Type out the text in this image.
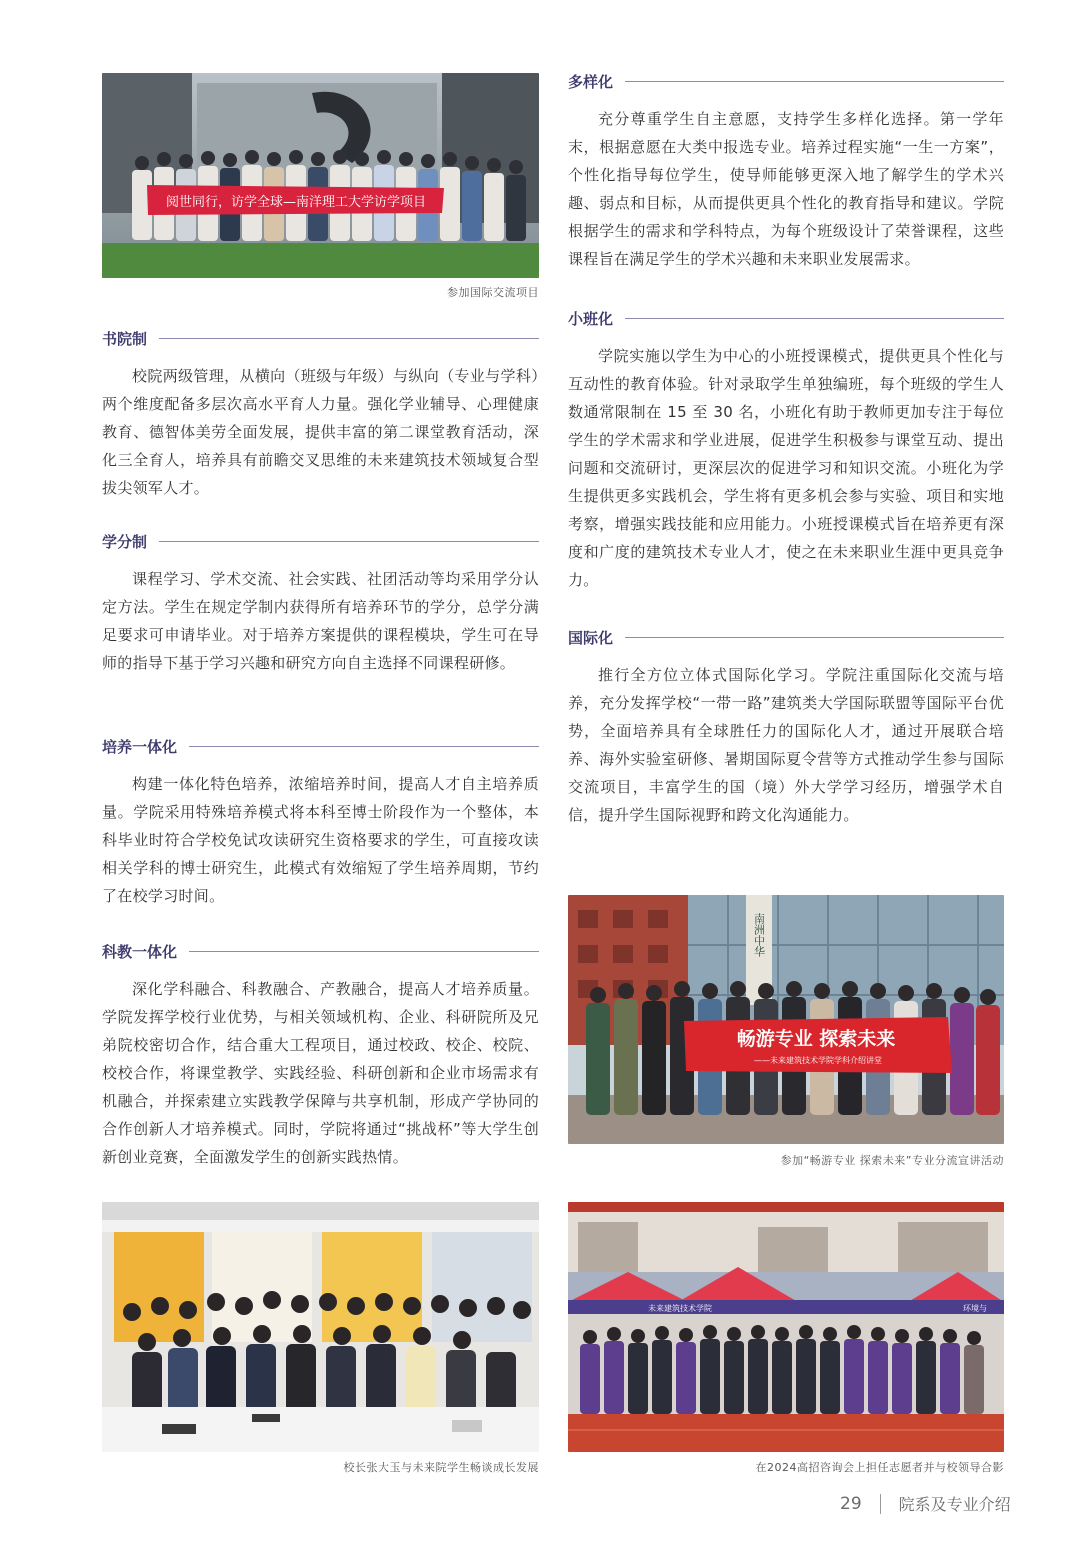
阅世同行，访学全球—南洋理工大学访学项目
参加国际交流项目
书院制
校院两级管理，从横向（班级与年级）与纵向（专业与学科）两个维度配备多层次高水平育人力量。强化学业辅导、心理健康教育、德智体美劳全面发展，提供丰富的第二课堂教育活动，深化三全育人，培养具有前瞻交叉思维的未来建筑技术领域复合型拔尖领军人才。
学分制
课程学习、学术交流、社会实践、社团活动等均采用学分认定方法。学生在规定学制内获得所有培养环节的学分，总学分满足要求可申请毕业。对于培养方案提供的课程模块，学生可在导师的指导下基于学习兴趣和研究方向自主选择不同课程研修。
培养一体化
构建一体化特色培养，浓缩培养时间，提高人才自主培养质量。学院采用特殊培养模式将本科至博士阶段作为一个整体，本科毕业时符合学校免试攻读研究生资格要求的学生，可直接攻读相关学科的博士研究生，此模式有效缩短了学生培养周期，节约了在校学习时间。
科教一体化
深化学科融合、科教融合、产教融合，提高人才培养质量。学院发挥学校行业优势，与相关领域机构、企业、科研院所及兄弟院校密切合作，结合重大工程项目，通过校政、校企、校院、校校合作，将课堂教学、实践经验、科研创新和企业市场需求有机融合，并探索建立实践教学保障与共享机制，形成产学协同的合作创新人才培养模式。同时，学院将通过“挑战杯”等大学生创新创业竞赛，全面激发学生的创新实践热情。
多样化
充分尊重学生自主意愿，支持学生多样化选择。第一学年末，根据意愿在大类中报选专业。培养过程实施“一生一方案”，个性化指导每位学生，使导师能够更深入地了解学生的学术兴趣、弱点和目标，从而提供更具个性化的教育指导和建议。学院根据学生的需求和学科特点，为每个班级设计了荣誉课程，这些课程旨在满足学生的学术兴趣和未来职业发展需求。
小班化
学院实施以学生为中心的小班授课模式，提供更具个性化与互动性的教育体验。针对录取学生单独编班，每个班级的学生人数通常限制在 15 至 30 名，小班化有助于教师更加专注于每位学生的学术需求和学业进展，促进学生积极参与课堂互动、提出问题和交流研讨，更深层次的促进学习和知识交流。小班化为学生提供更多实践机会，学生将有更多机会参与实验、项目和实地考察，增强实践技能和应用能力。小班授课模式旨在培养更有深度和广度的建筑技术专业人才，使之在未来职业生涯中更具竞争力。
国际化
推行全方位立体式国际化学习。学院注重国际化交流与培养，充分发挥学校“一带一路”建筑类大学国际联盟等国际平台优势，全面培养具有全球胜任力的国际化人才，通过开展联合培养、海外实验室研修、暑期国际夏令营等方式推动学生参与国际交流项目，丰富学生的国（境）外大学学习经历，增强学术自信，提升学生国际视野和跨文化沟通能力。
南洲中华
畅游专业 探索未来
——未来建筑技术学院学科介绍讲堂
参加“畅游专业 探索未来”专业分流宣讲活动
校长张大玉与未来院学生畅谈成长发展
未来建筑技术学院	环境与
在2024高招咨询会上担任志愿者并与校领导合影
29 院系及专业介绍
